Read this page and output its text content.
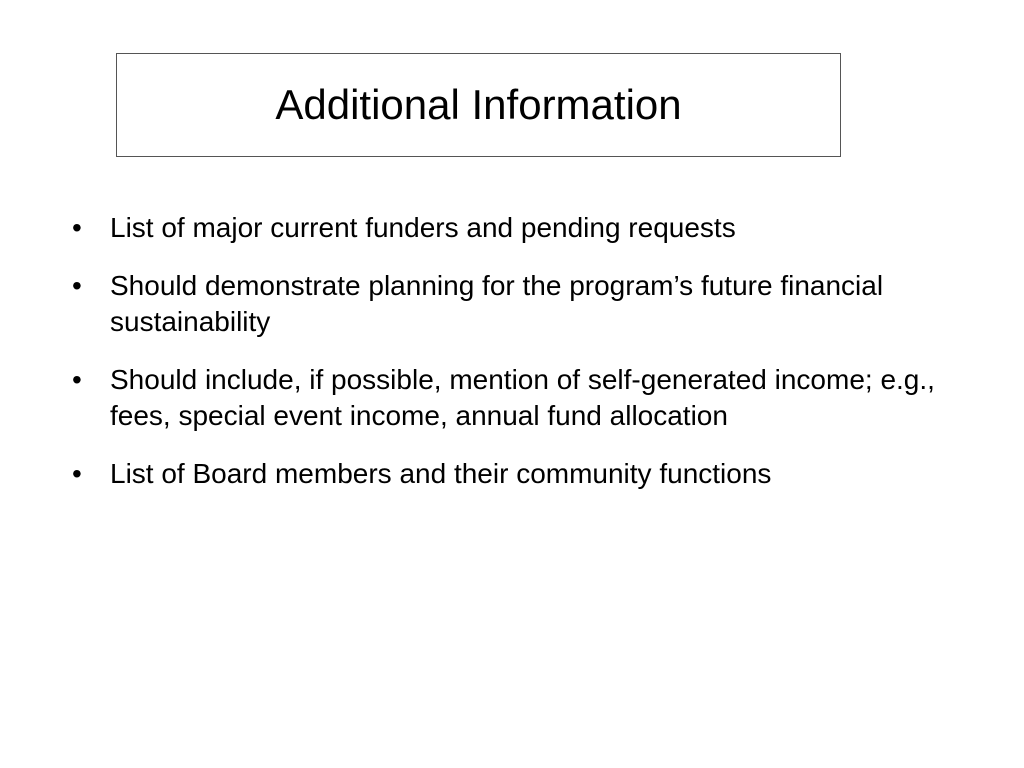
Additional Information
•	List of major current funders and pending requests
•	Should demonstrate planning for the program’s future financial sustainability
•	Should include, if possible, mention of self-generated income; e.g., fees, special event income, annual fund allocation
•	List of Board members and their community functions
